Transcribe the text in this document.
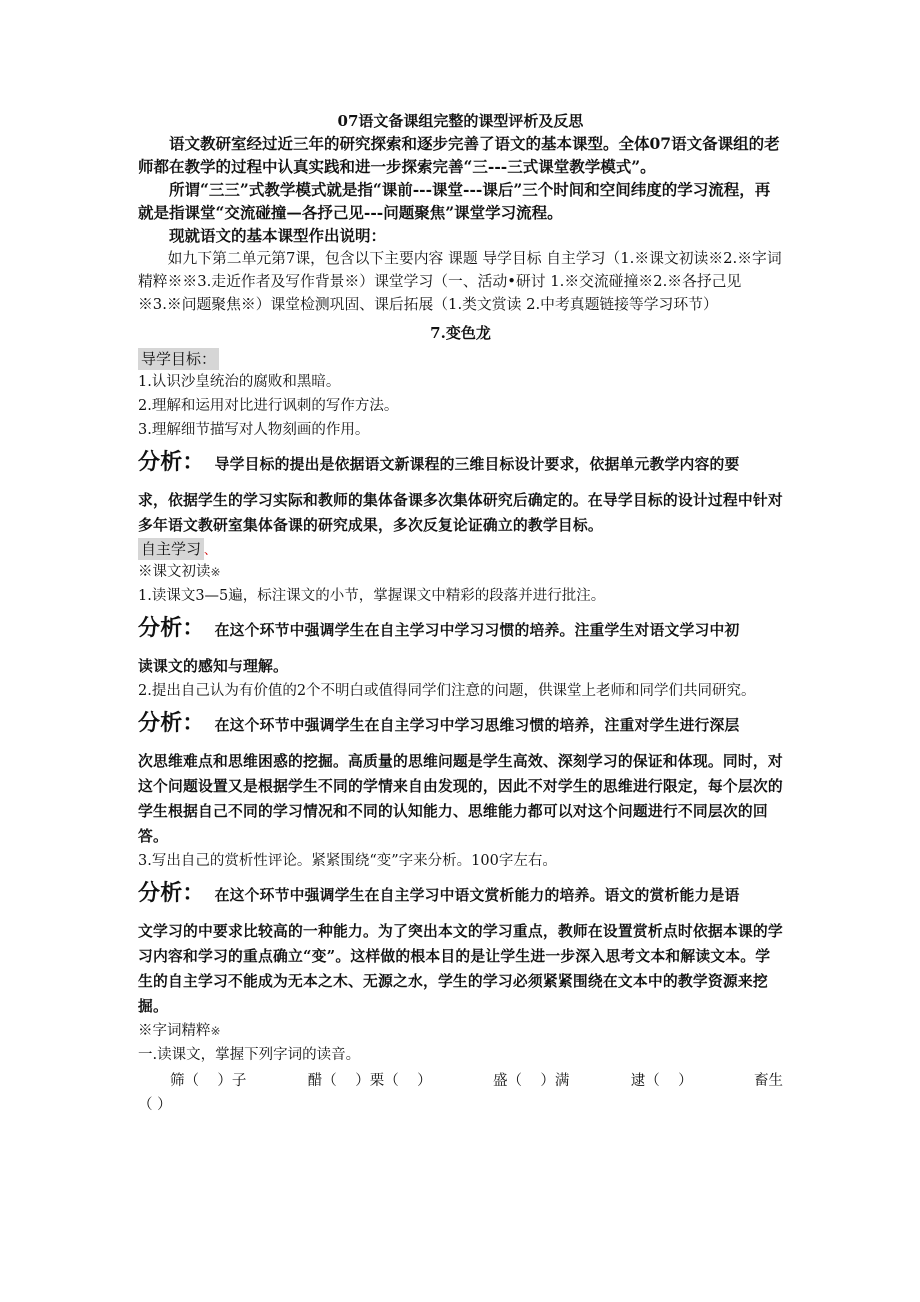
07语文备课组完整的课型评析及反思

语文教研室经过近三年的研究探索和逐步完善了语文的基本课型。全体07语文备课组的老师都在教学的过程中认真实践和进一步探索完善“三---三式课堂教学模式”。

所谓“三三”式教学模式就是指“课前---课堂---课后”三个时间和空间纬度的学习流程，再就是指课堂“交流碰撞—各抒己见---问题聚焦”课堂学习流程。

现就语文的基本课型作出说明：

如九下第二单元第7课，包含以下主要内容 课题 导学目标 自主学习（1.※课文初读※2.※字词精粹※※3.走近作者及写作背景※）课堂学习（一、活动•研讨 1.※交流碰撞※2.※各抒己见※3.※问题聚焦※）课堂检测巩固、课后拓展（1.类文赏读 2.中考真题链接等学习环节）

7.变色龙

导学目标：

1.认识沙皇统治的腐败和黑暗。

2.理解和运用对比进行讽刺的写作方法。

3.理解细节描写对人物刻画的作用。

分析： 导学目标的提出是依据语文新课程的三维目标设计要求，依据单元教学内容的要

求，依据学生的学习实际和教师的集体备课多次集体研究后确定的。在导学目标的设计过程中针对多年语文教研室集体备课的研究成果，多次反复论证确立的教学目标。

自主学习 、

※课文初读※

1.读课文3—5遍，标注课文的小节，掌握课文中精彩的段落并进行批注。

分析： 在这个环节中强调学生在自主学习中学习习惯的培养。注重学生对语文学习中初

读课文的感知与理解。

2.提出自己认为有价值的2个不明白或值得同学们注意的问题，供课堂上老师和同学们共同研究。

分析： 在这个环节中强调学生在自主学习中学习思维习惯的培养，注重对学生进行深层

次思维难点和思维困惑的挖掘。高质量的思维问题是学生高效、深刻学习的保证和体现。同时，对这个问题设置又是根据学生不同的学情来自由发现的，因此不对学生的思维进行限定，每个层次的学生根据自己不同的学习情况和不同的认知能力、思维能力都可以对这个问题进行不同层次的回答。

3.写出自己的赏析性评论。紧紧围绕“变”字来分析。100字左右。

分析： 在这个环节中强调学生在自主学习中语文赏析能力的培养。语文的赏析能力是语

文学习的中要求比较高的一种能力。为了突出本文的学习重点，教师在设置赏析点时依据本课的学习内容和学习的重点确立“变”。这样做的根本目的是让学生进一步深入思考文本和解读文本。学生的自主学习不能成为无本之木、无源之水，学生的学习必须紧紧围绕在文本中的教学资源来挖掘。

※字词精粹※

一.读课文，掌握下列字词的读音。

筛（    ）子	醋（    ）栗（    ）	盛（    ）满	逮（    ）	畜生

（ ）
